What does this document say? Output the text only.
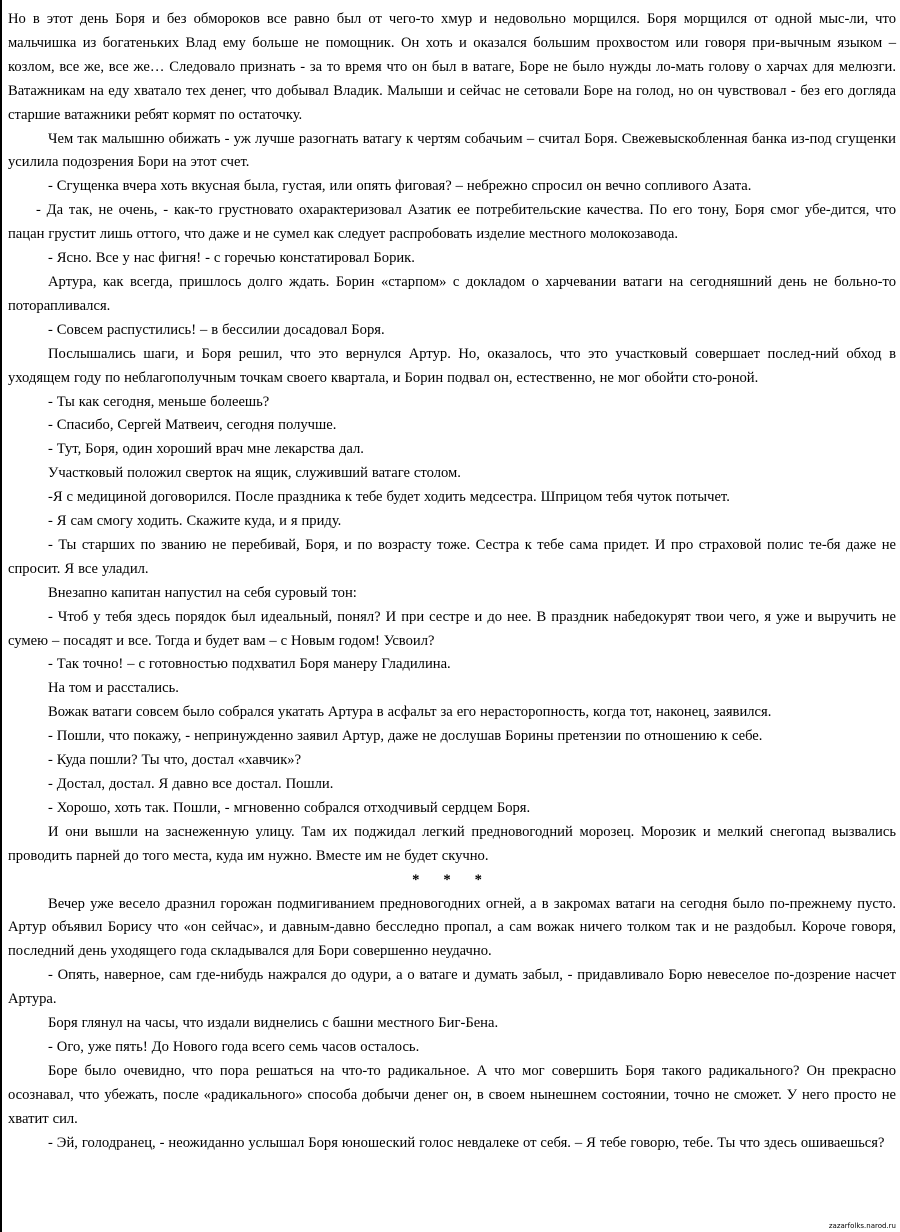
Но в этот день Боря и без обмороков все равно был от чего-то хмур и недовольно морщился. Боря морщился от одной мыс-ли, что мальчишка из богатеньких Влад ему больше не помощник. Он хоть и оказался большим прохвостом или говоря при-вычным языком – козлом, все же, все же… Следовало признать - за то время что он был в ватаге, Боре не было нужды ло-мать голову о харчах для мелюзги. Ватажникам на еду хватало тех денег, что добывал Владик. Малыши и сейчас не сетовали Боре на голод, но он чувствовал - без его догляда старшие ватажники ребят кормят по остаточку.

Чем так малышню обижать - уж лучше разогнать ватагу к чертям собачьим – считал Боря. Свежевыскобленная банка из-под сгущенки усилила подозрения Бори на этот счет.

- Сгущенка вчера хоть вкусная была, густая, или опять фиговая? – небрежно спросил он вечно сопливого Азата.

- Да так, не очень, - как-то грустновато охарактеризовал Азатик ее потребительские качества. По его тону, Боря смог убе-дится, что пацан грустит лишь оттого, что даже и не сумел как следует распробовать изделие местного молокозавода.

- Ясно. Все у нас фигня! - с горечью констатировал Борик.

Артура, как всегда, пришлось долго ждать. Борин «старпом» с докладом о харчевании ватаги на сегодняшний день не больно-то поторапливался.

- Совсем распустились! – в бессилии досадовал Боря.

Послышались шаги, и Боря решил, что это вернулся Артур. Но, оказалось, что это участковый совершает послед-ний обход в уходящем году по неблагополучным точкам своего квартала, и Борин подвал он, естественно, не мог обойти сто-роной.

- Ты как сегодня, меньше болеешь?

- Спасибо, Сергей Матвеич, сегодня получше.

- Тут, Боря, один хороший врач мне лекарства дал.

Участковый положил сверток на ящик, служивший ватаге столом.

-Я с медициной договорился. После праздника к тебе будет ходить медсестра. Шприцом тебя чуток потычет.

- Я сам смогу ходить. Скажите куда, и я приду.

- Ты старших по званию не перебивай, Боря, и по возрасту тоже. Сестра к тебе сама придет. И про страховой полис те-бя даже не спросит. Я все уладил.

Внезапно капитан напустил на себя суровый тон:

- Чтоб у тебя здесь порядок был идеальный, понял? И при сестре и до нее. В праздник набедокурят твои чего, я уже и выручить не сумею – посадят и все. Тогда и будет вам – с Новым годом! Усвоил?

- Так точно! – с готовностью подхватил Боря манеру Гладилина.

На том и расстались.

Вожак ватаги совсем было собрался укатать Артура в асфальт за его нерасторопность, когда тот, наконец, заявился.

- Пошли, что покажу, - непринужденно заявил Артур, даже не дослушав Борины претензии по отношению к себе.

- Куда пошли? Ты что, достал «хавчик»?

- Достал, достал. Я давно все достал. Пошли.

- Хорошо, хоть так. Пошли, - мгновенно собрался отходчивый сердцем Боря.

И они вышли на заснеженную улицу. Там их поджидал легкий предновогодний морозец. Морозик и мелкий снегопад вызвались проводить парней до того места, куда им нужно. Вместе им не будет скучно.

* * *

Вечер уже весело дразнил горожан подмигиванием предновогодних огней, а в закромах ватаги на сегодня было по-прежнему пусто. Артур объявил Борису что «он сейчас», и давным-давно бесследно пропал, а сам вожак ничего толком так и не раздобыл. Короче говоря, последний день уходящего года складывался для Бори совершенно неудачно.

- Опять, наверное, сам где-нибудь нажрался до одури, а о ватаге и думать забыл, - придавливало Борю невеселое по-дозрение насчет Артура.

Боря глянул на часы, что издали виднелись с башни местного Биг-Бена.

- Ого, уже пять! До Нового года всего семь часов осталось.

Боре было очевидно, что пора решаться на что-то радикальное. А что мог совершить Боря такого радикального? Он прекрасно осознавал, что убежать, после «радикального» способа добычи денег он, в своем нынешнем состоянии, точно не сможет. У него просто не хватит сил.

- Эй, голодранец, - неожиданно услышал Боря юношеский голос невдалеке от себя. – Я тебе говорю, тебе. Ты что здесь ошиваешься?

zazarfolks.narod.ru
